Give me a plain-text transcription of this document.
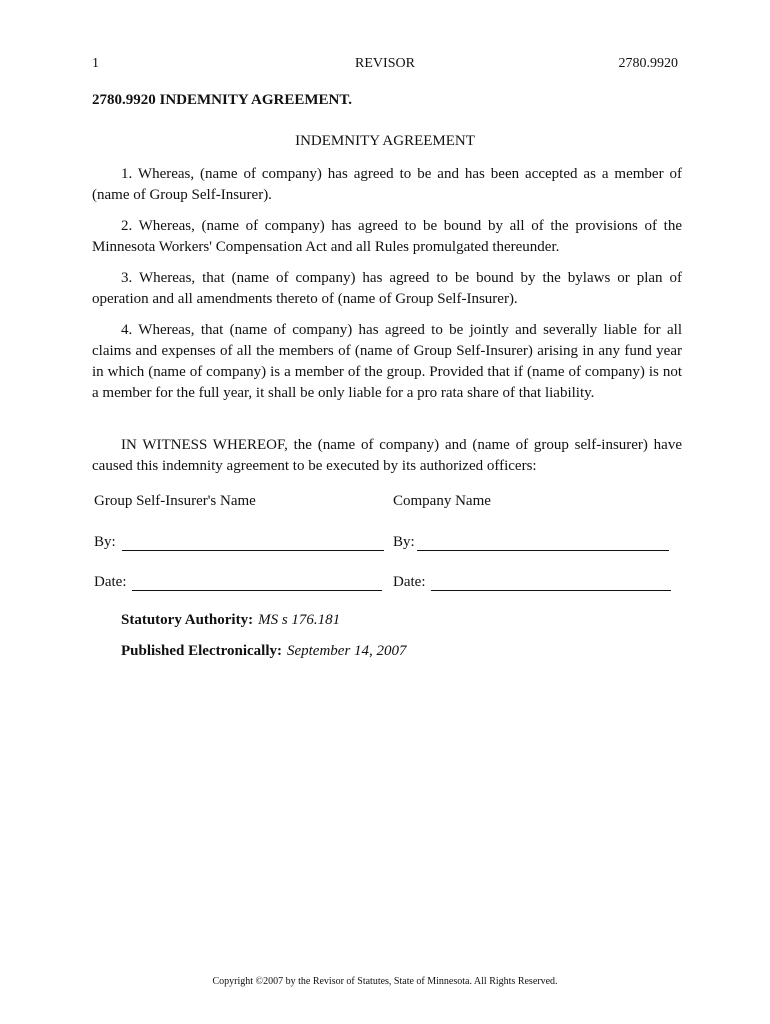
1	REVISOR	2780.9920
2780.9920 INDEMNITY AGREEMENT.
INDEMNITY AGREEMENT

1. Whereas, (name of company) has agreed to be and has been accepted as a member of (name of Group Self-Insurer).

2. Whereas, (name of company) has agreed to be bound by all of the provisions of the Minnesota Workers' Compensation Act and all Rules promulgated thereunder.

3. Whereas, that (name of company) has agreed to be bound by the bylaws or plan of operation and all amendments thereto of (name of Group Self-Insurer).

4. Whereas, that (name of company) has agreed to be jointly and severally liable for all claims and expenses of all the members of (name of Group Self-Insurer) arising in any fund year in which (name of company) is a member of the group. Provided that if (name of company) is not a member for the full year, it shall be only liable for a pro rata share of that liability.

IN WITNESS WHEREOF, the (name of company) and (name of group self-insurer) have caused this indemnity agreement to be executed by its authorized officers:

Group Self-Insurer's Name	Company Name
By:	By:
Date:	Date:
Statutory Authority: MS s 176.181
Published Electronically: September 14, 2007
Copyright ©2007 by the Revisor of Statutes, State of Minnesota. All Rights Reserved.
